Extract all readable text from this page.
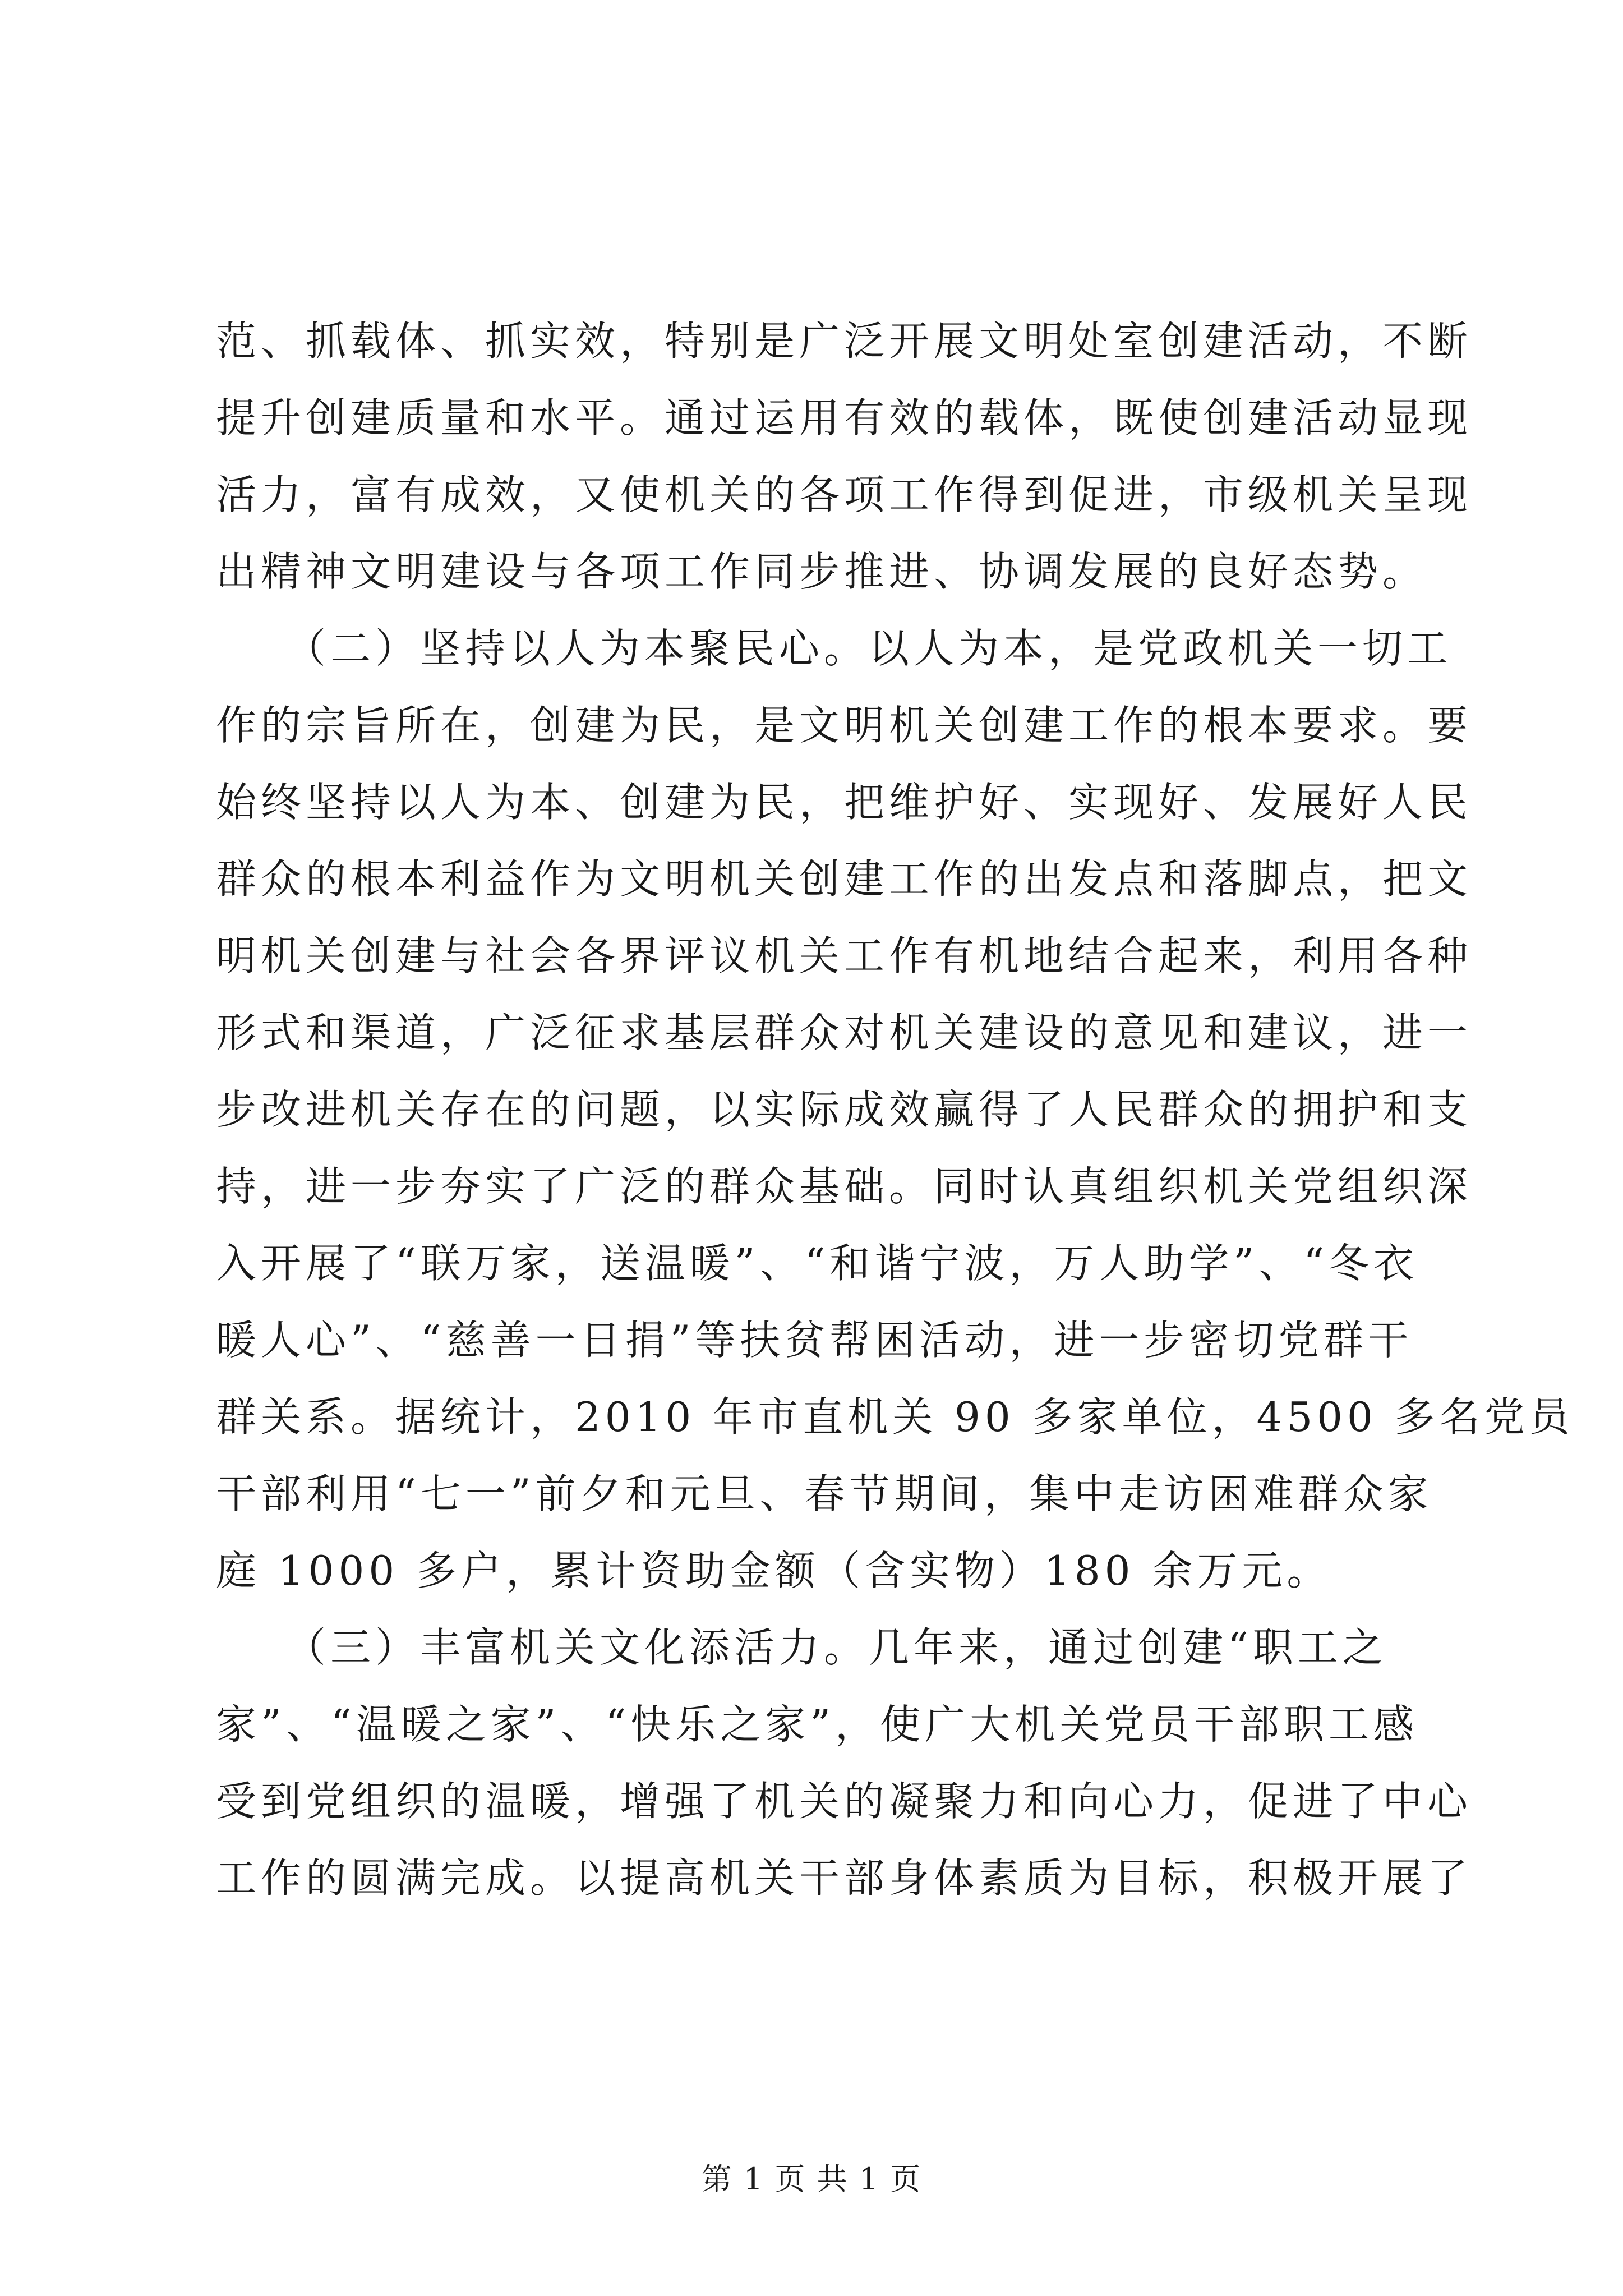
范、抓载体、抓实效，特别是广泛开展文明处室创建活动，不断
提升创建质量和水平。通过运用有效的载体，既使创建活动显现
活力，富有成效，又使机关的各项工作得到促进，市级机关呈现
出精神文明建设与各项工作同步推进、协调发展的良好态势。
　　（二）坚持以人为本聚民心。以人为本，是党政机关一切工
作的宗旨所在，创建为民，是文明机关创建工作的根本要求。要
始终坚持以人为本、创建为民，把维护好、实现好、发展好人民
群众的根本利益作为文明机关创建工作的出发点和落脚点，把文
明机关创建与社会各界评议机关工作有机地结合起来，利用各种
形式和渠道，广泛征求基层群众对机关建设的意见和建议，进一
步改进机关存在的问题，以实际成效赢得了人民群众的拥护和支
持，进一步夯实了广泛的群众基础。同时认真组织机关党组织深
入开展了“联万家，送温暖”、“和谐宁波，万人助学”、“冬衣
暖人心”、“慈善一日捐”等扶贫帮困活动，进一步密切党群干
群关系。据统计，2010 年市直机关 90 多家单位，4500 多名党员
干部利用“七一”前夕和元旦、春节期间，集中走访困难群众家
庭 1000 多户，累计资助金额（含实物）180 余万元。
　　（三）丰富机关文化添活力。几年来，通过创建“职工之
家”、“温暖之家”、“快乐之家”，使广大机关党员干部职工感
受到党组织的温暖，增强了机关的凝聚力和向心力，促进了中心
工作的圆满完成。以提高机关干部身体素质为目标，积极开展了
第 1 页 共 1 页
